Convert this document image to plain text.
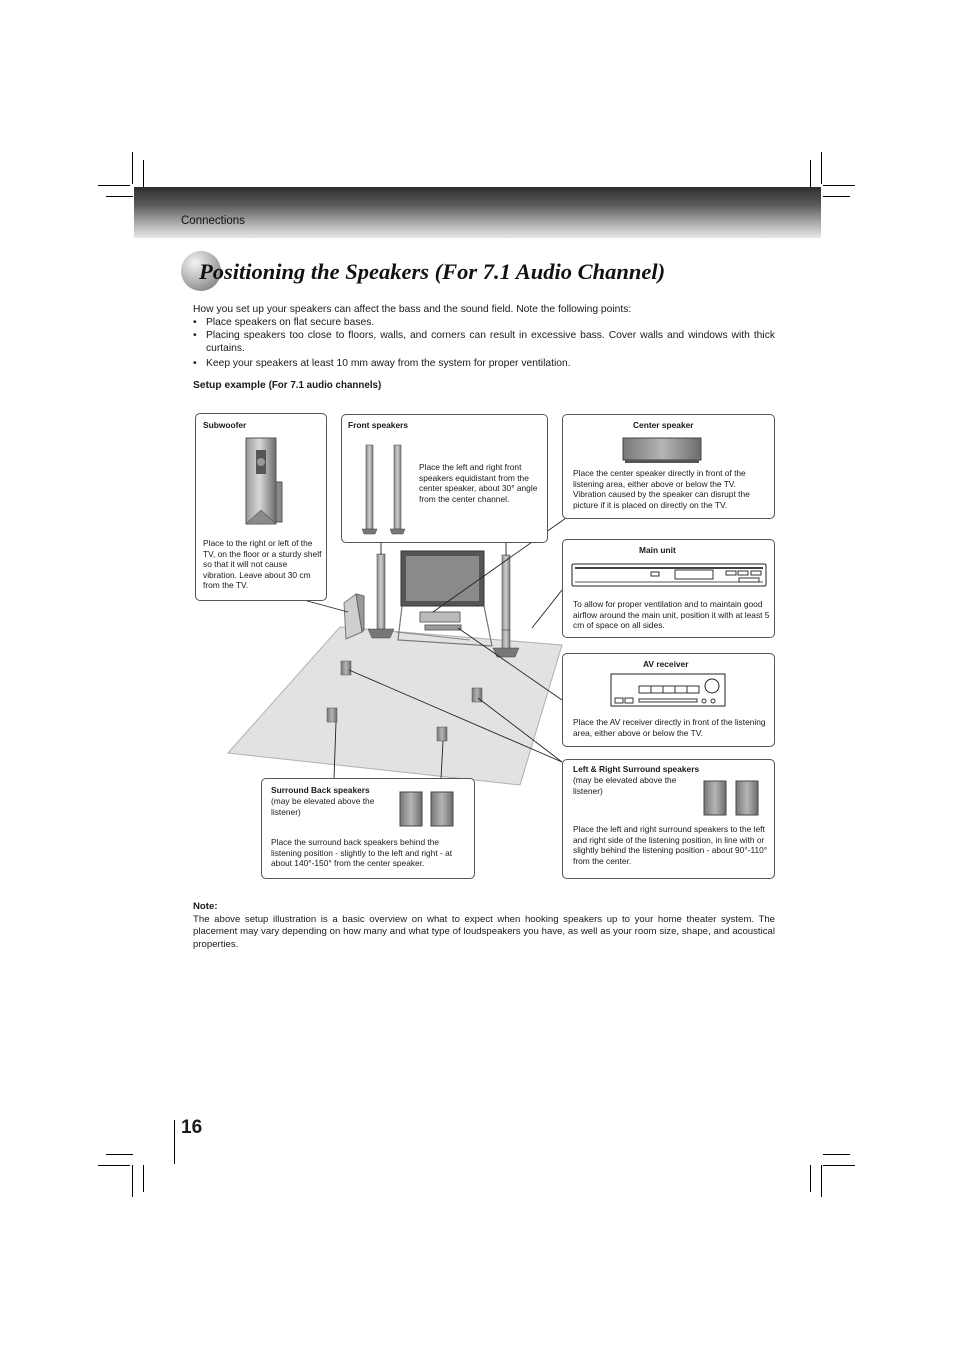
Connections
Positioning the Speakers (For 7.1 Audio Channel)

How you set up your speakers can affect the bass and the sound field. Note the following points:

• Place speakers on flat secure bases.
• Placing speakers too close to floors, walls, and corners can result in excessive bass. Cover walls and windows with thick curtains.
• Keep your speakers at least 10 mm away from the system for proper ventilation.
Setup example (For 7.1 audio channels)
Subwoofer
Place to the right or left of the TV, on the floor or a sturdy shelf so that it will not cause vibration. Leave about 30 cm from the TV.
Front speakers
Place the left and right front speakers equidistant from the center speaker, about 30° angle from the center channel.
Center speaker
Place the center speaker directly in front of the listening area, either above or below the TV. Vibration caused by the speaker can disrupt the picture if it is placed on directly on the TV.
Main unit
To allow for proper ventilation and to maintain good airflow around the main unit, position it with at least 5 cm of space on all sides.
AV receiver
Place the AV receiver directly in front of the listening area, either above or below the TV.
Surround Back speakers
(may be elevated above the listener)
Place the surround back speakers behind the listening position - slightly to the left and right - at about 140°-150° from the center speaker.
Left & Right Surround speakers
(may be elevated above the listener)
Place the left and right surround speakers to the left and right side of the listening position, in line with or slightly behind the listening position - about 90°-110° from the center.
Note:
The above setup illustration is a basic overview on what to expect when hooking speakers up to your home theater system. The placement may vary depending on how many and what type of loudspeakers you have, as well as your room size, shape, and acoustical properties.
16
